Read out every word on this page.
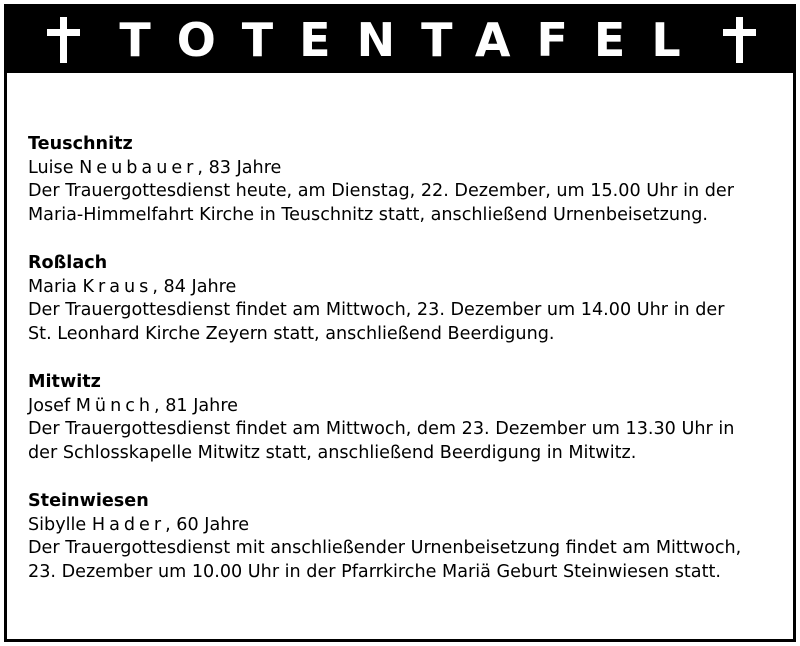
TOTENTAFEL
Teuschnitz
Luise Neubauer, 83 Jahre
Der Trauergottesdienst heute, am Dienstag, 22. Dezember, um 15.00 Uhr in der
Maria-Himmelfahrt Kirche in Teuschnitz statt, anschließend Urnenbeisetzung.
Roßlach
Maria Kraus, 84 Jahre
Der Trauergottesdienst findet am Mittwoch, 23. Dezember um 14.00 Uhr in der
St. Leonhard Kirche Zeyern statt, anschließend Beerdigung.
Mitwitz
Josef Münch, 81 Jahre
Der Trauergottesdienst findet am Mittwoch, dem 23. Dezember um 13.30 Uhr in
der Schlosskapelle Mitwitz statt, anschließend Beerdigung in Mitwitz.
Steinwiesen
Sibylle Hader, 60 Jahre
Der Trauergottesdienst mit anschließender Urnenbeisetzung findet am Mittwoch,
23. Dezember um 10.00 Uhr in der Pfarrkirche Mariä Geburt Steinwiesen statt.
